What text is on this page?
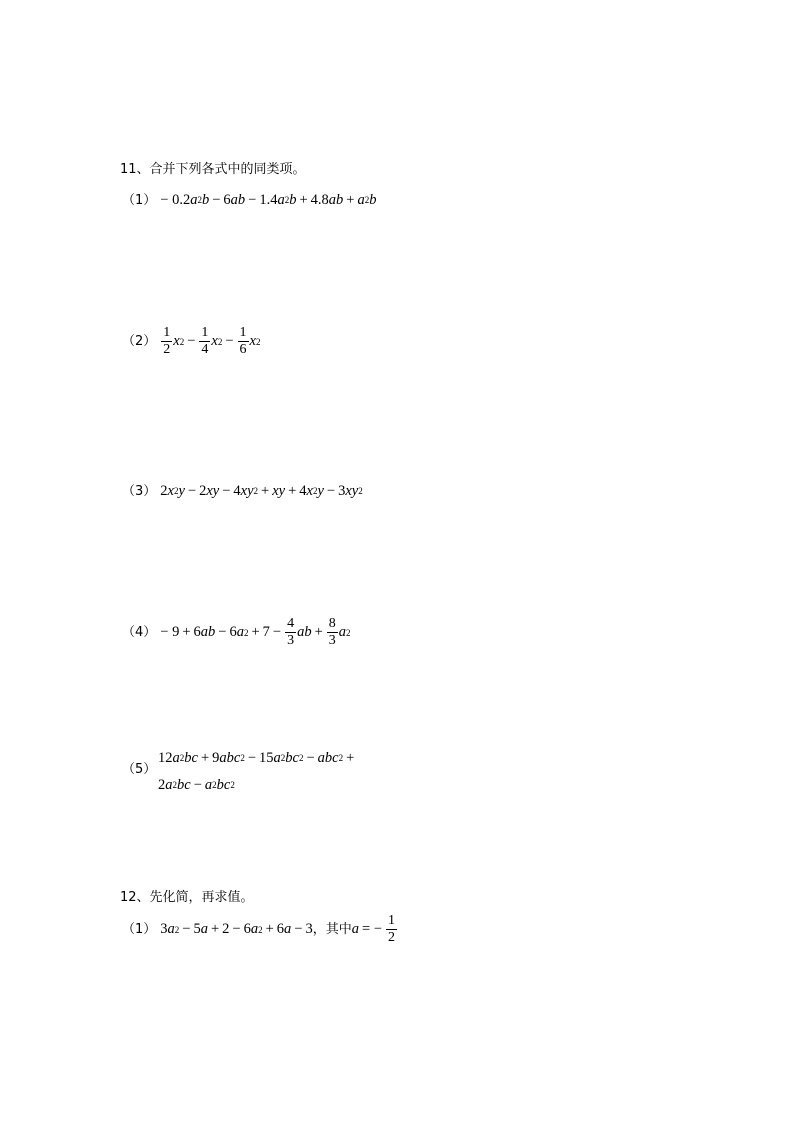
11、合并下列各式中的同类项。
（1） − 0.2 a 2 b − 6 ab − 1.4 a 2 b + 4.8 ab + a 2 b
$(2) \frac{1}{2}$ x $2 - \frac{1}{4}$ x $2 - \frac{1}{6}$ x 2
（3） 2 x 2 y − 2 xy − 4 xy 2 + xy + 4 x 2 y − 3 xy 2
（4） − 9 + 6 ab − 6 a $2 + 7 - \frac{4}{3}$ ab + $\frac{8}{3}$ a 2
（5）
12 a 2 bc + 9 abc 2 − 15 a 2 bc 2 − abc 2 +
2 a 2 bc − a 2 bc 2
12、先化简，再求值。
（1） 3 a 2 − 5 a + 2 − 6 a 2 + 6 a − 3 ，其中 a = − $\frac{1}{2}$
